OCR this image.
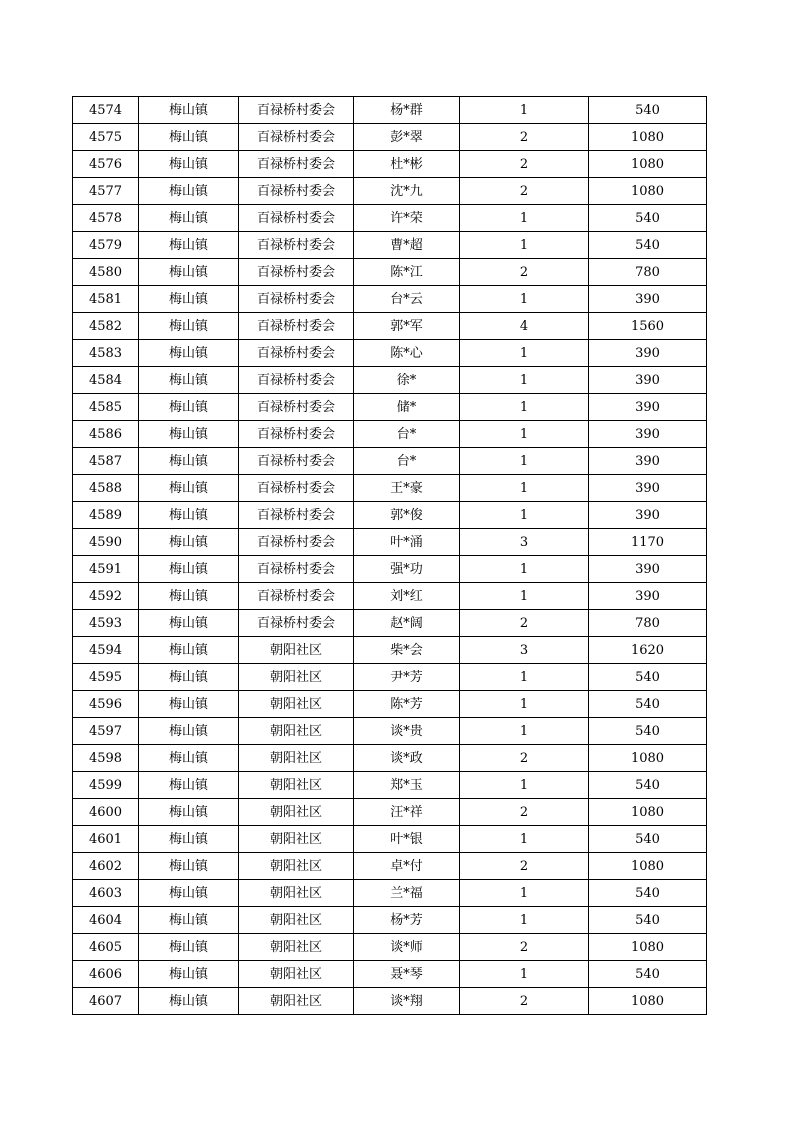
4574	梅山镇	百禄桥村委会	杨*群	1	540
4575	梅山镇	百禄桥村委会	彭*翠	2	1080
4576	梅山镇	百禄桥村委会	杜*彬	2	1080
4577	梅山镇	百禄桥村委会	沈*九	2	1080
4578	梅山镇	百禄桥村委会	许*荣	1	540
4579	梅山镇	百禄桥村委会	曹*超	1	540
4580	梅山镇	百禄桥村委会	陈*江	2	780
4581	梅山镇	百禄桥村委会	台*云	1	390
4582	梅山镇	百禄桥村委会	郭*军	4	1560
4583	梅山镇	百禄桥村委会	陈*心	1	390
4584	梅山镇	百禄桥村委会	徐*	1	390
4585	梅山镇	百禄桥村委会	储*	1	390
4586	梅山镇	百禄桥村委会	台*	1	390
4587	梅山镇	百禄桥村委会	台*	1	390
4588	梅山镇	百禄桥村委会	王*豪	1	390
4589	梅山镇	百禄桥村委会	郭*俊	1	390
4590	梅山镇	百禄桥村委会	叶*涌	3	1170
4591	梅山镇	百禄桥村委会	强*功	1	390
4592	梅山镇	百禄桥村委会	刘*红	1	390
4593	梅山镇	百禄桥村委会	赵*阔	2	780
4594	梅山镇	朝阳社区	柴*会	3	1620
4595	梅山镇	朝阳社区	尹*芳	1	540
4596	梅山镇	朝阳社区	陈*芳	1	540
4597	梅山镇	朝阳社区	谈*贵	1	540
4598	梅山镇	朝阳社区	谈*政	2	1080
4599	梅山镇	朝阳社区	郑*玉	1	540
4600	梅山镇	朝阳社区	汪*祥	2	1080
4601	梅山镇	朝阳社区	叶*银	1	540
4602	梅山镇	朝阳社区	卓*付	2	1080
4603	梅山镇	朝阳社区	兰*福	1	540
4604	梅山镇	朝阳社区	杨*芳	1	540
4605	梅山镇	朝阳社区	谈*师	2	1080
4606	梅山镇	朝阳社区	聂*琴	1	540
4607	梅山镇	朝阳社区	谈*翔	2	1080
